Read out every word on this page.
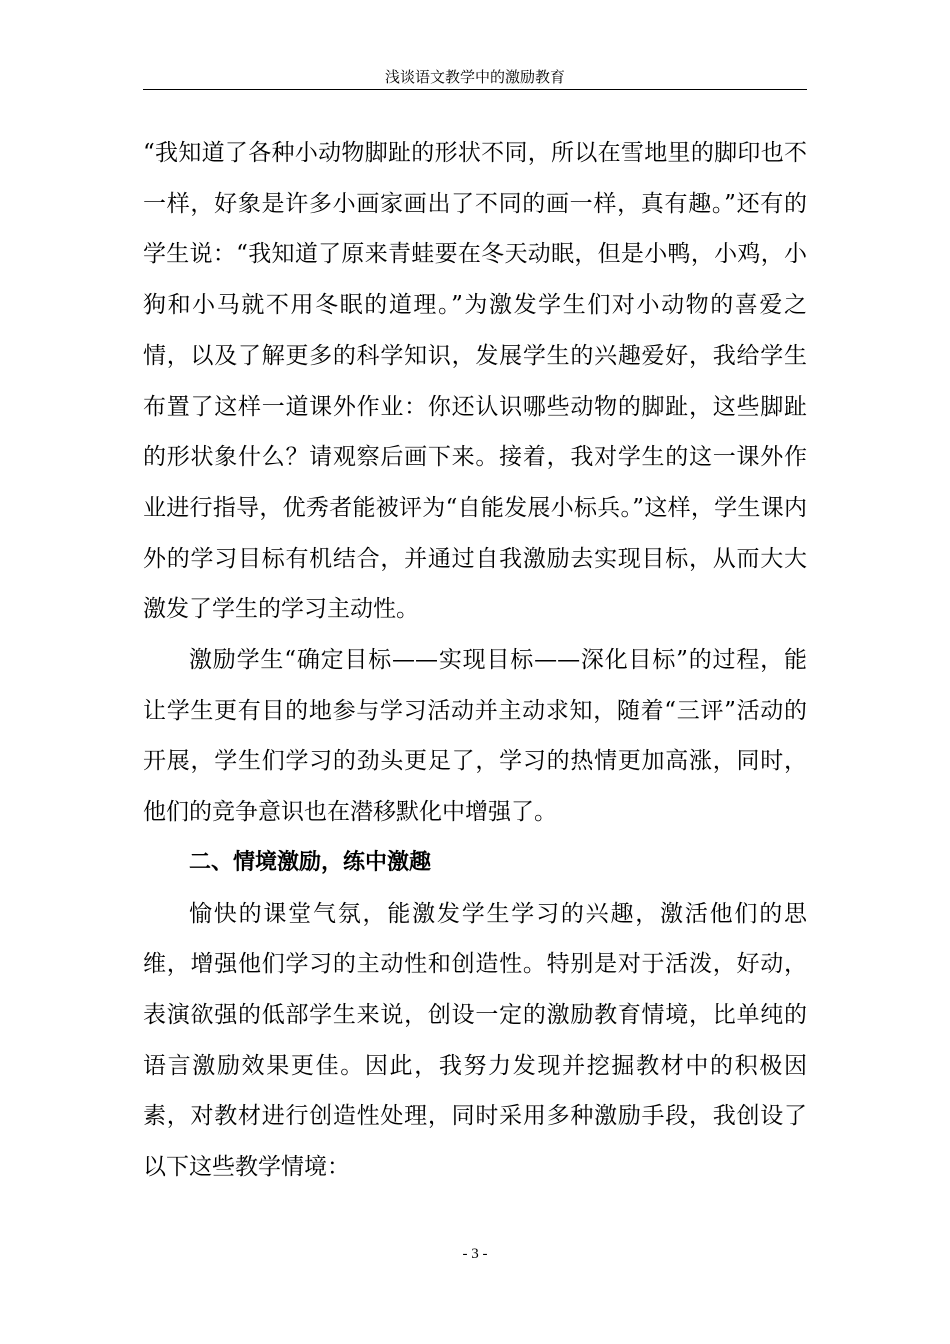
浅谈语文教学中的激励教育

“我知道了各种小动物脚趾的形状不同，所以在雪地里的脚印也不一样，好象是许多小画家画出了不同的画一样，真有趣。”还有的学生说：“我知道了原来青蛙要在冬天动眠，但是小鸭，小鸡，小狗和小马就不用冬眠的道理。”为激发学生们对小动物的喜爱之情，以及了解更多的科学知识，发展学生的兴趣爱好，我给学生布置了这样一道课外作业：你还认识哪些动物的脚趾，这些脚趾的形状象什么？请观察后画下来。接着，我对学生的这一课外作业进行指导，优秀者能被评为“自能发展小标兵。”这样，学生课内外的学习目标有机结合，并通过自我激励去实现目标，从而大大激发了学生的学习主动性。

激励学生“确定目标——实现目标——深化目标”的过程，能让学生更有目的地参与学习活动并主动求知，随着“三评”活动的开展，学生们学习的劲头更足了，学习的热情更加高涨，同时，他们的竞争意识也在潜移默化中增强了。

二、情境激励，练中激趣

愉快的课堂气氛，能激发学生学习的兴趣，激活他们的思维，增强他们学习的主动性和创造性。特别是对于活泼，好动，表演欲强的低部学生来说，创设一定的激励教育情境，比单纯的语言激励效果更佳。因此，我努力发现并挖掘教材中的积极因素，对教材进行创造性处理，同时采用多种激励手段，我创设了以下这些教学情境：

- 3 -
